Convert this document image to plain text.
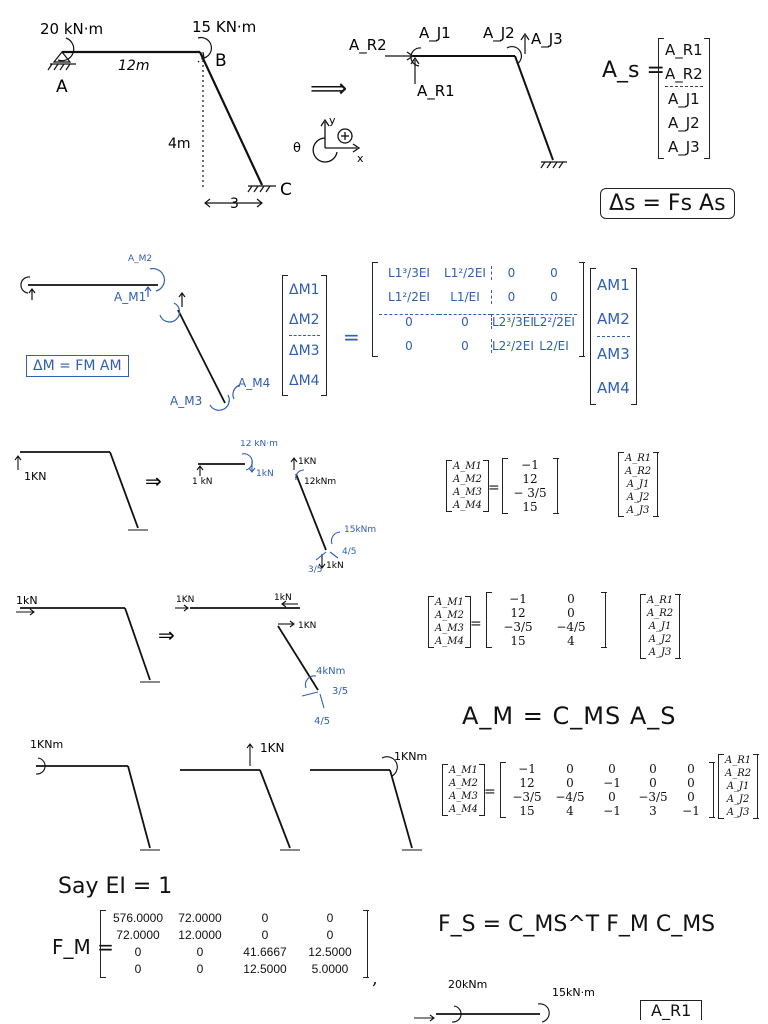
20 kN·m	15 KN·m
A
B
C
12m
4m
3
⟹
y
x
θ
A_R2
A_R1
A_J1 A_J2 A_J3
A_s =
A_R1
A_R2
A_J1
A_J2
A_J3
Δs = Fs As
A_M2
A_M1
A_M3
A_M4
ΔM = FM AM
ΔM1
ΔM2
ΔM3
ΔM4
=
L1³/3EI	L1²/2EI	0	0
L1²/2EI	L1/EI	0	0
0	0	L2³/3EI L2²/2EI
0	0	L2²/2EI L2/EI
AM1
AM2
AM3
AM4
1KN	⇒
12 kN·m
1 kN
1kN
1KN
12kNm
15kNm
4/5
3/5 1kN
A_M1
A_M2
A_M3
A_M4
=
−1
12
− 3/5
15
A_R1
A_R2
A_J1
A_J2
A_J3
1kN
⇒
1KN	1kN
1KN
4kNm
3/5
4/5
A_M1
A_M2
A_M3
A_M4
=
−1	0
12	0
−3/5	−4/5
15	4
A_R1
A_R2
A_J1
A_J2
A_J3
A_M = C_MS A_S
1KNm	1KN
1KNm
A_M1
A_M2
A_M3
A_M4
=
−1	0	0	0	0
12	0	−1	0	0
−3/5	−4/5	0	−3/5	0
15	4	−1	3	−1
A_R1
A_R2
A_J1
A_J2
A_J3
Say EI = 1
F_M =
576.0000	72.0000	0	0
72.0000	12.0000	0	0
0	0	41.6667	12.5000
0	0	12.5000	5.0000	,
F_S = C_MS^T F_M C_MS
20kNm
15kN·m
A_R1
